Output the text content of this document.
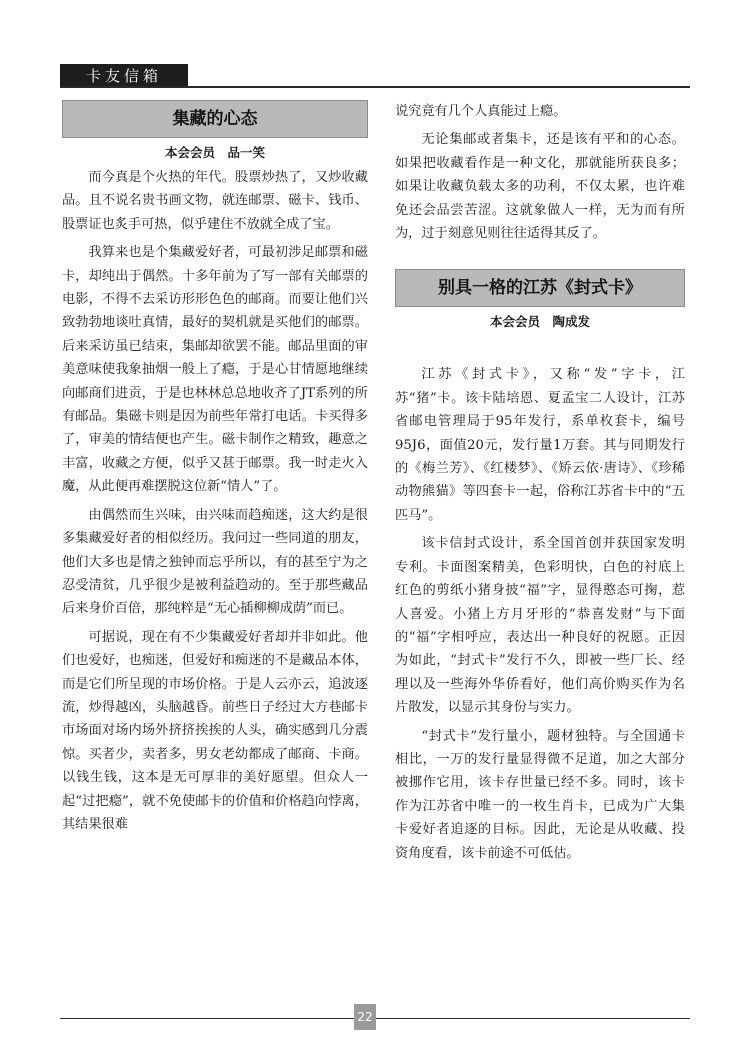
卡友信箱
集藏的心态
本会会员　品一笑

而今真是个火热的年代。股票炒热了，又炒收藏品。且不说名贵书画文物，就连邮票、磁卡、钱币、股票证也炙手可热，似乎建住不放就全成了宝。

我算来也是个集藏爱好者，可最初涉足邮票和磁卡，却纯出于偶然。十多年前为了写一部有关邮票的电影，不得不去采访形形色色的邮商。而要让他们兴致勃勃地谈吐真情，最好的契机就是买他们的邮票。后来采访虽已结束，集邮却欲罢不能。邮品里面的审美意味使我象抽烟一般上了瘾，于是心甘情愿地继续向邮商们进贡，于是也林林总总地收齐了JT系列的所有邮品。集磁卡则是因为前些年常打电话。卡买得多了，审美的情结便也产生。磁卡制作之精致，趣意之丰富，收藏之方便，似乎又甚于邮票。我一时走火入魔，从此便再难摆脱这位新“情人”了。

由偶然而生兴味，由兴味而趋痴迷，这大约是很多集藏爱好者的相似经历。我问过一些同道的朋友，他们大多也是情之独钟而忘乎所以，有的甚至宁为之忍受清贫，几乎很少是被利益趋动的。至于那些藏品后来身价百倍，那纯粹是“无心插柳柳成荫”而已。

可据说，现在有不少集藏爱好者却并非如此。他们也爱好，也痴迷，但爱好和痴迷的不是藏品本体，而是它们所呈现的市场价格。于是人云亦云，追波逐流，炒得越凶，头脑越昏。前些日子经过大方巷邮卡市场面对场内场外挤挤挨挨的人头，确实感到几分震惊。买者少，卖者多，男女老幼都成了邮商、卡商。以钱生钱，这本是无可厚非的美好愿望。但众人一起“过把瘾”，就不免使邮卡的价值和价格趋向悖离，其结果很难

说究竟有几个人真能过上瘾。

无论集邮或者集卡，还是该有平和的心态。如果把收藏看作是一种文化，那就能所获良多；如果让收藏负载太多的功利，不仅太累，也许难免还会品尝苦涩。这就象做人一样，无为而有所为，过于刻意见则往往适得其反了。

别具一格的江苏《封式卡》
本会会员　陶成发

江苏《封式卡》，又称“发”字卡，江苏“猪”卡。该卡陆培恩、夏孟宝二人设计，江苏省邮电管理局于95年发行，系单枚套卡，编号95J6，面值20元，发行量1万套。其与同期发行的《梅兰芳》、《红楼梦》、《矫云依·唐诗》、《珍稀动物熊猫》等四套卡一起，俗称江苏省卡中的“五匹马”。

该卡信封式设计，系全国首创并获国家发明专利。卡面图案精美，色彩明快，白色的衬底上红色的剪纸小猪身披“福”字，显得憨态可掬，惹人喜爱。小猪上方月牙形的“恭喜发财”与下面的“福”字相呼应，表达出一种良好的祝愿。正因为如此，“封式卡”发行不久，即被一些厂长、经理以及一些海外华侨看好，他们高价购买作为名片散发，以显示其身份与实力。

“封式卡”发行量小，题材独特。与全国通卡相比，一万的发行量显得微不足道，加之大部分被挪作它用，该卡存世量已经不多。同时，该卡作为江苏省中唯一的一枚生肖卡，已成为广大集卡爱好者追逐的目标。因此，无论是从收藏、投资角度看，该卡前途不可低估。

22
